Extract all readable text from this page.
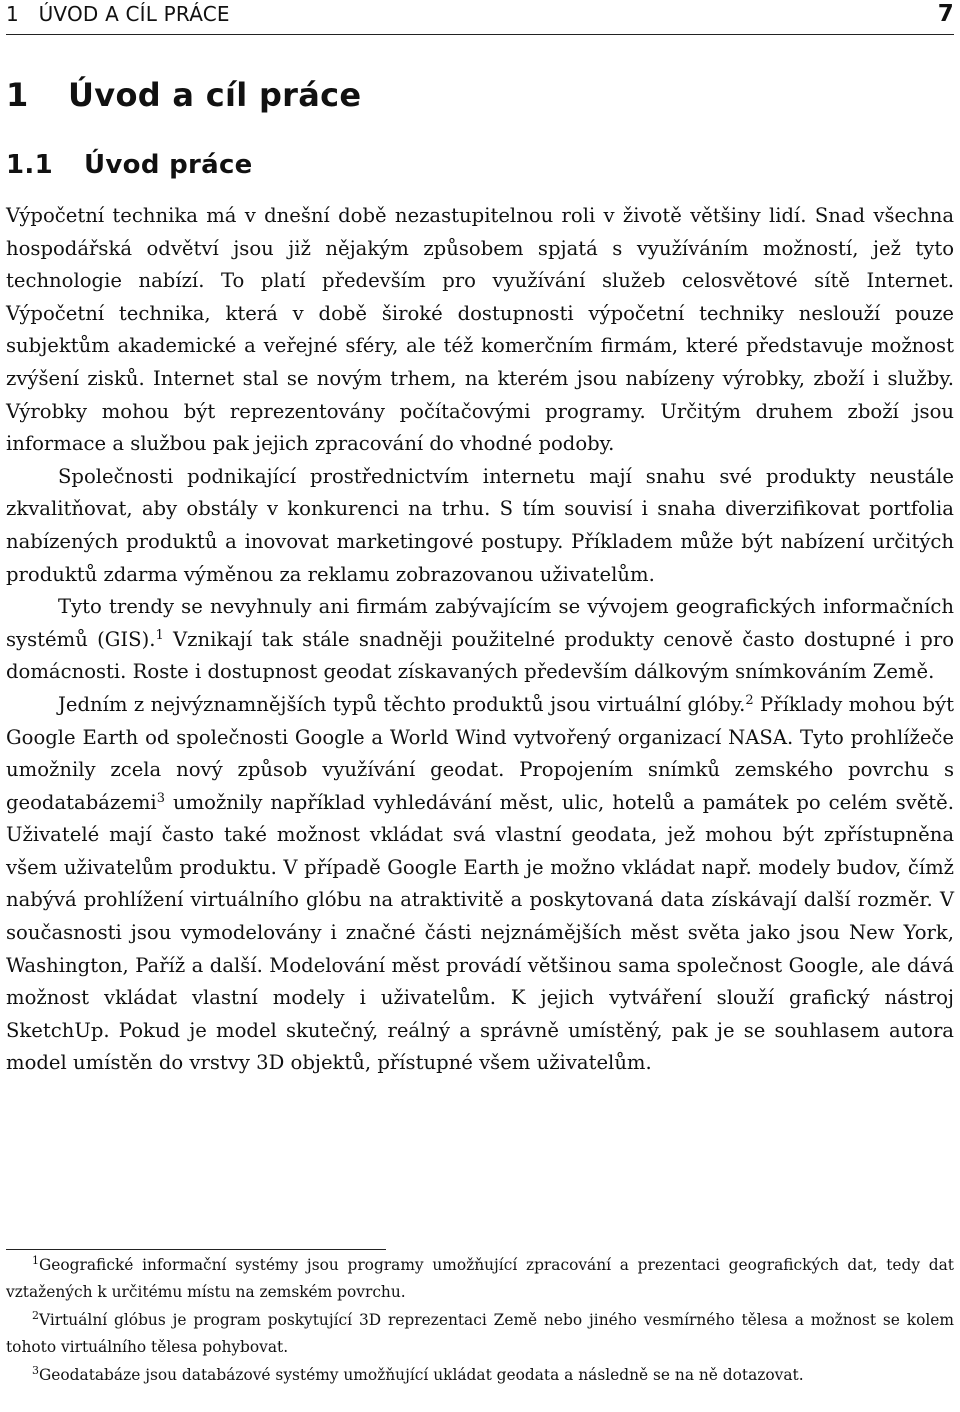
1   ÚVOD A CÍL PRÁCE	7
1 Úvod a cíl práce
1.1 Úvod práce

Výpočetní technika má v dnešní době nezastupitelnou roli v životě většiny lidí. Snad všechna hospodářská odvětví jsou již nějakým způsobem spjatá s využíváním možností, jež tyto technologie nabízí. To platí především pro využívání služeb celosvětové sítě Internet. Výpočetní technika, která v době široké dostupnosti výpočetní techniky neslouží pouze subjektům akademické a veřejné sféry, ale též komerčním firmám, které představuje možnost zvýšení zisků. Internet stal se novým trhem, na kterém jsou nabízeny výrobky, zboží i služby. Výrobky mohou být reprezentovány počítačovými programy. Určitým druhem zboží jsou informace a službou pak jejich zpracování do vhodné podoby.

Společnosti podnikající prostřednictvím internetu mají snahu své produkty neustále zkvalitňovat, aby obstály v konkurenci na trhu. S tím souvisí i snaha diverzifikovat portfolia nabízených produktů a inovovat marketingové postupy. Příkladem může být nabízení určitých produktů zdarma výměnou za reklamu zobrazovanou uživatelům.

Tyto trendy se nevyhnuly ani firmám zabývajícím se vývojem geografických informačních systémů (GIS).$^1$ Vznikají tak stále snadněji použitelné produkty cenově často dostupné i pro domácnosti. Roste i dostupnost geodat získavaných především dálkovým snímkováním Země.

Jedním z nejvýznamnějších typů těchto produktů jsou virtuální glóby.$^2$ Příklady mohou být Google Earth od společnosti Google a World Wind vytvořený organizací NASA. Tyto prohlížeče umožnily zcela nový způsob využívání geodat. Propojením snímků zemského povrchu s geodatabázemi$^3$ umožnily například vyhledávání měst, ulic, hotelů a památek po celém světě. Uživatelé mají často také možnost vkládat svá vlastní geodata, jež mohou být zpřístupněna všem uživatelům produktu. V případě Google Earth je možno vkládat např. modely budov, čímž nabývá prohlížení virtuálního glóbu na atraktivitě a poskytovaná data získávají další rozměr. V současnosti jsou vymodelovány i značné části nejznámějších měst světa jako jsou New York, Washington, Paříž a další. Modelování měst provádí většinou sama společnost Google, ale dává možnost vkládat vlastní modely i uživatelům. K jejich vytváření slouží grafický nástroj SketchUp. Pokud je model skutečný, reálný a správně umístěný, pak je se souhlasem autora model umístěn do vrstvy 3D objektů, přístupné všem uživatelům.

$^1$Geografické informační systémy jsou programy umožňující zpracování a prezentaci geografických dat, tedy dat vztažených k určitému místu na zemském povrchu.

$^2$Virtuální glóbus je program poskytující 3D reprezentaci Země nebo jiného vesmírného tělesa a možnost se kolem tohoto virtuálního tělesa pohybovat.

$^3$Geodatabáze jsou databázové systémy umožňující ukládat geodata a následně se na ně dotazovat.
